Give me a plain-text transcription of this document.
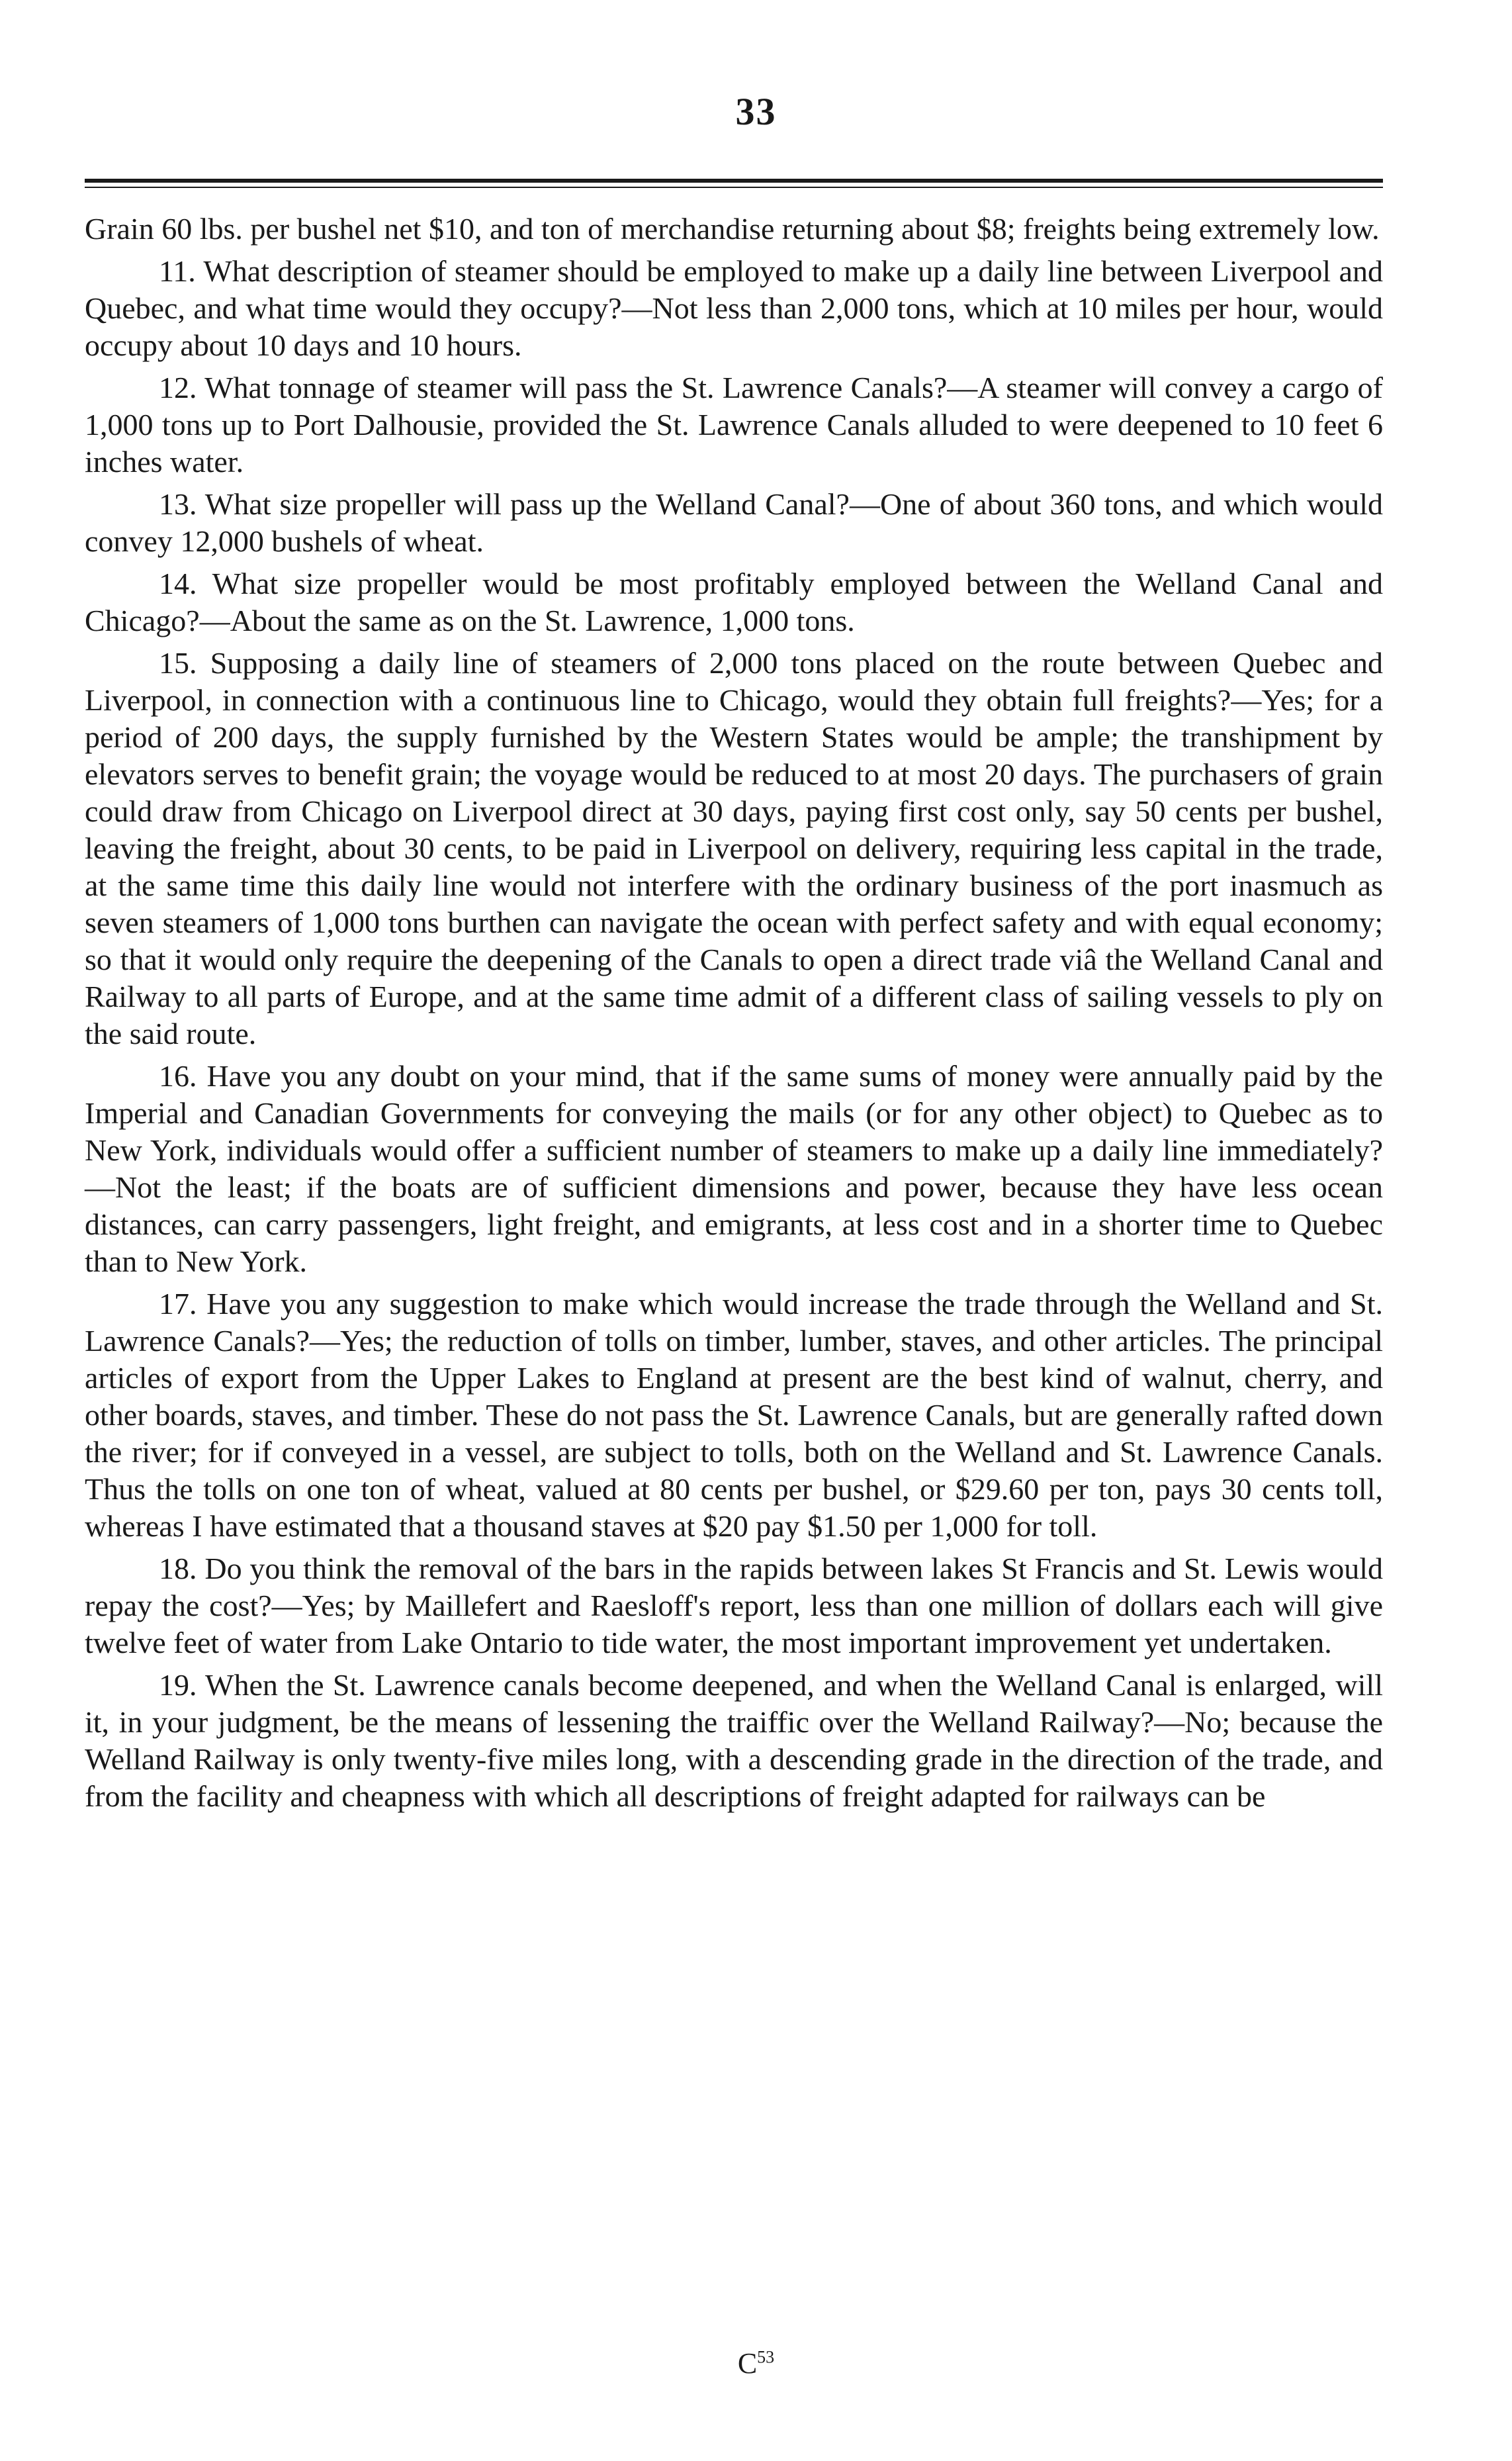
33

Grain 60 lbs. per bushel net $10, and ton of merchandise returning about $8; freights being extremely low.

11. What description of steamer should be employed to make up a daily line between Liverpool and Quebec, and what time would they occupy?—Not less than 2,000 tons, which at 10 miles per hour, would occupy about 10 days and 10 hours.

12. What tonnage of steamer will pass the St. Lawrence Canals?—A steamer will convey a cargo of 1,000 tons up to Port Dalhousie, provided the St. Lawrence Canals alluded to were deepened to 10 feet 6 inches water.

13. What size propeller will pass up the Welland Canal?—One of about 360 tons, and which would convey 12,000 bushels of wheat.

14. What size propeller would be most profitably employed between the Welland Canal and Chicago?—About the same as on the St. Lawrence, 1,000 tons.

15. Supposing a daily line of steamers of 2,000 tons placed on the route between Quebec and Liverpool, in connection with a continuous line to Chicago, would they obtain full freights?—Yes; for a period of 200 days, the supply furnished by the Western States would be ample; the transhipment by elevators serves to benefit grain; the voyage would be reduced to at most 20 days. The purchasers of grain could draw from Chicago on Liverpool direct at 30 days, paying first cost only, say 50 cents per bushel, leaving the freight, about 30 cents, to be paid in Liverpool on delivery, requiring less capital in the trade, at the same time this daily line would not interfere with the ordinary business of the port inasmuch as seven steamers of 1,000 tons burthen can navigate the ocean with perfect safety and with equal economy; so that it would only require the deepening of the Canals to open a direct trade viâ the Welland Canal and Railway to all parts of Europe, and at the same time admit of a different class of sailing vessels to ply on the said route.

16. Have you any doubt on your mind, that if the same sums of money were annually paid by the Imperial and Canadian Governments for conveying the mails (or for any other object) to Quebec as to New York, individuals would offer a sufficient number of steamers to make up a daily line immediately?—Not the least; if the boats are of sufficient dimensions and power, because they have less ocean distances, can carry passengers, light freight, and emigrants, at less cost and in a shorter time to Quebec than to New York.

17. Have you any suggestion to make which would increase the trade through the Welland and St. Lawrence Canals?—Yes; the reduction of tolls on timber, lumber, staves, and other articles. The principal articles of export from the Upper Lakes to England at present are the best kind of walnut, cherry, and other boards, staves, and timber. These do not pass the St. Lawrence Canals, but are generally rafted down the river; for if conveyed in a vessel, are subject to tolls, both on the Welland and St. Lawrence Canals. Thus the tolls on one ton of wheat, valued at 80 cents per bushel, or $29.60 per ton, pays 30 cents toll, whereas I have estimated that a thousand staves at $20 pay $1.50 per 1,000 for toll.

18. Do you think the removal of the bars in the rapids between lakes St Francis and St. Lewis would repay the cost?—Yes; by Maillefert and Raesloff's report, less than one million of dollars each will give twelve feet of water from Lake Ontario to tide water, the most important improvement yet undertaken.

19. When the St. Lawrence canals become deepened, and when the Welland Canal is enlarged, will it, in your judgment, be the means of lessening the traiffic over the Welland Railway?—No; because the Welland Railway is only twenty-five miles long, with a descending grade in the direction of the trade, and from the facility and cheapness with which all descriptions of freight adapted for railways can be

$C^{53}$
